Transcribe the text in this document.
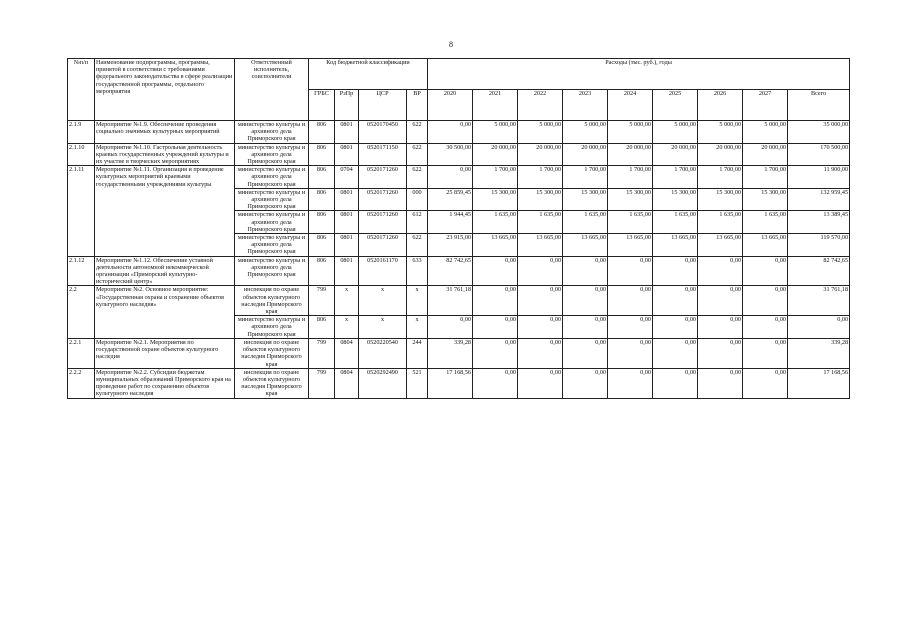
8
№п/п	Наименование подпрограммы, программы, принятой в соответствии с требованиями федерального законодательства в сфере реализации государственной программы, отдельного мероприятия	Ответственный исполнитель, соисполнители	Код бюджетной классификации				Расходы (тыс. руб.), годы								
			ГРБС	РзПр	ЦСР	ВР	2020	2021	2022	2023	2024	2025	2026	2027	Всего
2.1.9	Мероприятие №1.9. Обеспечение проведения социально значимых культурных мероприятий	министерство культуры и архивного дела Приморского края	806	0801	0520170450	622	0,00	5 000,00	5 000,00	5 000,00	5 000,00	5 000,00	5 000,00	5 000,00	35 000,00
2.1.10	Мероприятие №1.10. Гастрольная деятельность краевых государственных учреждений культуры и их участие в творческих мероприятиях	министерство культуры и архивного дела Приморского края	806	0801	0520171150	622	30 500,00	20 000,00	20 000,00	20 000,00	20 000,00	20 000,00	20 000,00	20 000,00	170 500,00
2.1.11	Мероприятие №1.11. Организация и проведение культурных мероприятий краевыми государственными учреждениями культуры	министерство культуры и архивного дела Приморского края	806	0704	0520171260	622	0,00	1 700,00	1 700,00	1 700,00	1 700,00	1 700,00	1 700,00	1 700,00	11 900,00
		министерство культуры и архивного дела Приморского края	806	0801	0520171260	000	25 859,45	15 300,00	15 300,00	15 300,00	15 300,00	15 300,00	15 300,00	15 300,00	132 959,45
		министерство культуры и архивного дела Приморского края	806	0801	0520171260	612	1 944,45	1 635,00	1 635,00	1 635,00	1 635,00	1 635,00	1 635,00	1 635,00	13 389,45
		министерство культуры и архивного дела Приморского края	806	0801	0520171260	622	23 915,00	13 665,00	13 665,00	13 665,00	13 665,00	13 665,00	13 665,00	13 665,00	119 570,00
2.1.12	Мероприятие №1.12. Обеспечение уставной деятельности автономной некоммерческой организации «Приморский культурно-исторический центр»	министерство культуры и архивного дела Приморского края	806	0801	0520161170	633	82 742,65	0,00	0,00	0,00	0,00	0,00	0,00	0,00	82 742,65
2.2	Мероприятие №2. Основное мероприятие: «Государственная охрана и сохранение объектов культурного наследия»	инспекция по охране объектов культурного наследия Приморского края	799	x	x	x	31 761,18	0,00	0,00	0,00	0,00	0,00	0,00	0,00	31 761,18
		министерство культуры и архивного дела Приморского края	806	x	x	x	0,00	0,00	0,00	0,00	0,00	0,00	0,00	0,00	0,00
2.2.1	Мероприятие №2.1. Мероприятия по государственной охране объектов культурного наследия	инспекция по охране объектов культурного наследия Приморского края	799	0804	0520220540	244	339,28	0,00	0,00	0,00	0,00	0,00	0,00	0,00	339,28
2.2.2	Мероприятие №2.2. Субсидии бюджетам муниципальных образований Приморского края на проведение работ по сохранению объектов культурного наследия	инспекция по охране объектов культурного наследия Приморского края	799	0804	0520292490	521	17 168,56	0,00	0,00	0,00	0,00	0,00	0,00	0,00	17 168,56
